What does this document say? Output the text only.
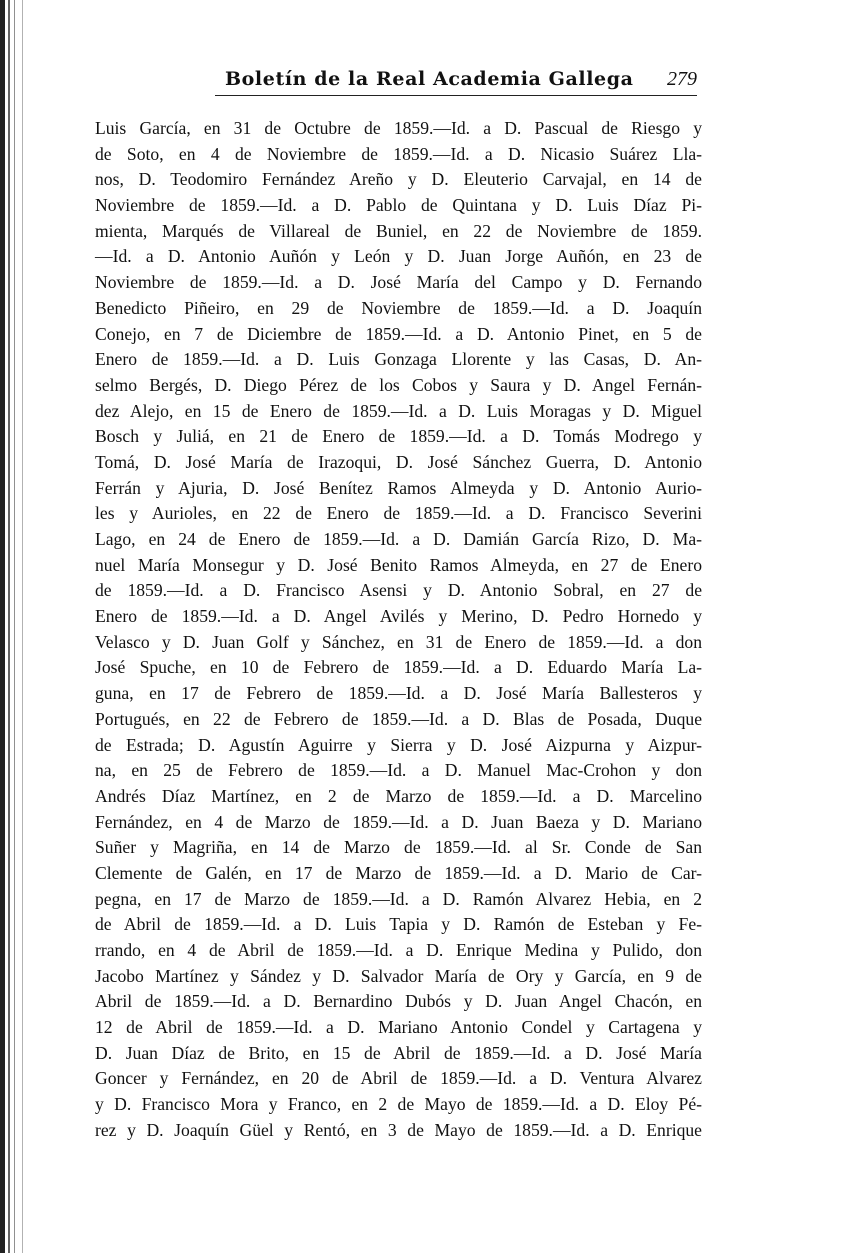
Boletín de la Real Academia Gallega 279
Luis García, en 31 de Octubre de 1859.—Id. a D. Pascual de Riesgo y
de Soto, en 4 de Noviembre de 1859.—Id. a D. Nicasio Suárez Lla-
nos, D. Teodomiro Fernández Areño y D. Eleuterio Carvajal, en 14 de
Noviembre de 1859.—Id. a D. Pablo de Quintana y D. Luis Díaz Pi-
mienta, Marqués de Villareal de Buniel, en 22 de Noviembre de 1859.
—Id. a D. Antonio Auñón y León y D. Juan Jorge Auñón, en 23 de
Noviembre de 1859.—Id. a D. José María del Campo y D. Fernando
Benedicto Piñeiro, en 29 de Noviembre de 1859.—Id. a D. Joaquín
Conejo, en 7 de Diciembre de 1859.—Id. a D. Antonio Pinet, en 5 de
Enero de 1859.—Id. a D. Luis Gonzaga Llorente y las Casas, D. An-
selmo Bergés, D. Diego Pérez de los Cobos y Saura y D. Angel Fernán-
dez Alejo, en 15 de Enero de 1859.—Id. a D. Luis Moragas y D. Miguel
Bosch y Juliá, en 21 de Enero de 1859.—Id. a D. Tomás Modrego y
Tomá, D. José María de Irazoqui, D. José Sánchez Guerra, D. Antonio
Ferrán y Ajuria, D. José Benítez Ramos Almeyda y D. Antonio Aurio-
les y Aurioles, en 22 de Enero de 1859.—Id. a D. Francisco Severini
Lago, en 24 de Enero de 1859.—Id. a D. Damián García Rizo, D. Ma-
nuel María Monsegur y D. José Benito Ramos Almeyda, en 27 de Enero
de 1859.—Id. a D. Francisco Asensi y D. Antonio Sobral, en 27 de
Enero de 1859.—Id. a D. Angel Avilés y Merino, D. Pedro Hornedo y
Velasco y D. Juan Golf y Sánchez, en 31 de Enero de 1859.—Id. a don
José Spuche, en 10 de Febrero de 1859.—Id. a D. Eduardo María La-
guna, en 17 de Febrero de 1859.—Id. a D. José María Ballesteros y
Portugués, en 22 de Febrero de 1859.—Id. a D. Blas de Posada, Duque
de Estrada; D. Agustín Aguirre y Sierra y D. José Aizpurna y Aizpur-
na, en 25 de Febrero de 1859.—Id. a D. Manuel Mac-Crohon y don
Andrés Díaz Martínez, en 2 de Marzo de 1859.—Id. a D. Marcelino
Fernández, en 4 de Marzo de 1859.—Id. a D. Juan Baeza y D. Mariano
Suñer y Magriña, en 14 de Marzo de 1859.—Id. al Sr. Conde de San
Clemente de Galén, en 17 de Marzo de 1859.—Id. a D. Mario de Car-
pegna, en 17 de Marzo de 1859.—Id. a D. Ramón Alvarez Hebia, en 2
de Abril de 1859.—Id. a D. Luis Tapia y D. Ramón de Esteban y Fe-
rrando, en 4 de Abril de 1859.—Id. a D. Enrique Medina y Pulido, don
Jacobo Martínez y Sández y D. Salvador María de Ory y García, en 9 de
Abril de 1859.—Id. a D. Bernardino Dubós y D. Juan Angel Chacón, en
12 de Abril de 1859.—Id. a D. Mariano Antonio Condel y Cartagena y
D. Juan Díaz de Brito, en 15 de Abril de 1859.—Id. a D. José María
Goncer y Fernández, en 20 de Abril de 1859.—Id. a D. Ventura Alvarez
y D. Francisco Mora y Franco, en 2 de Mayo de 1859.—Id. a D. Eloy Pé-
rez y D. Joaquín Güel y Rentó, en 3 de Mayo de 1859.—Id. a D. Enrique
